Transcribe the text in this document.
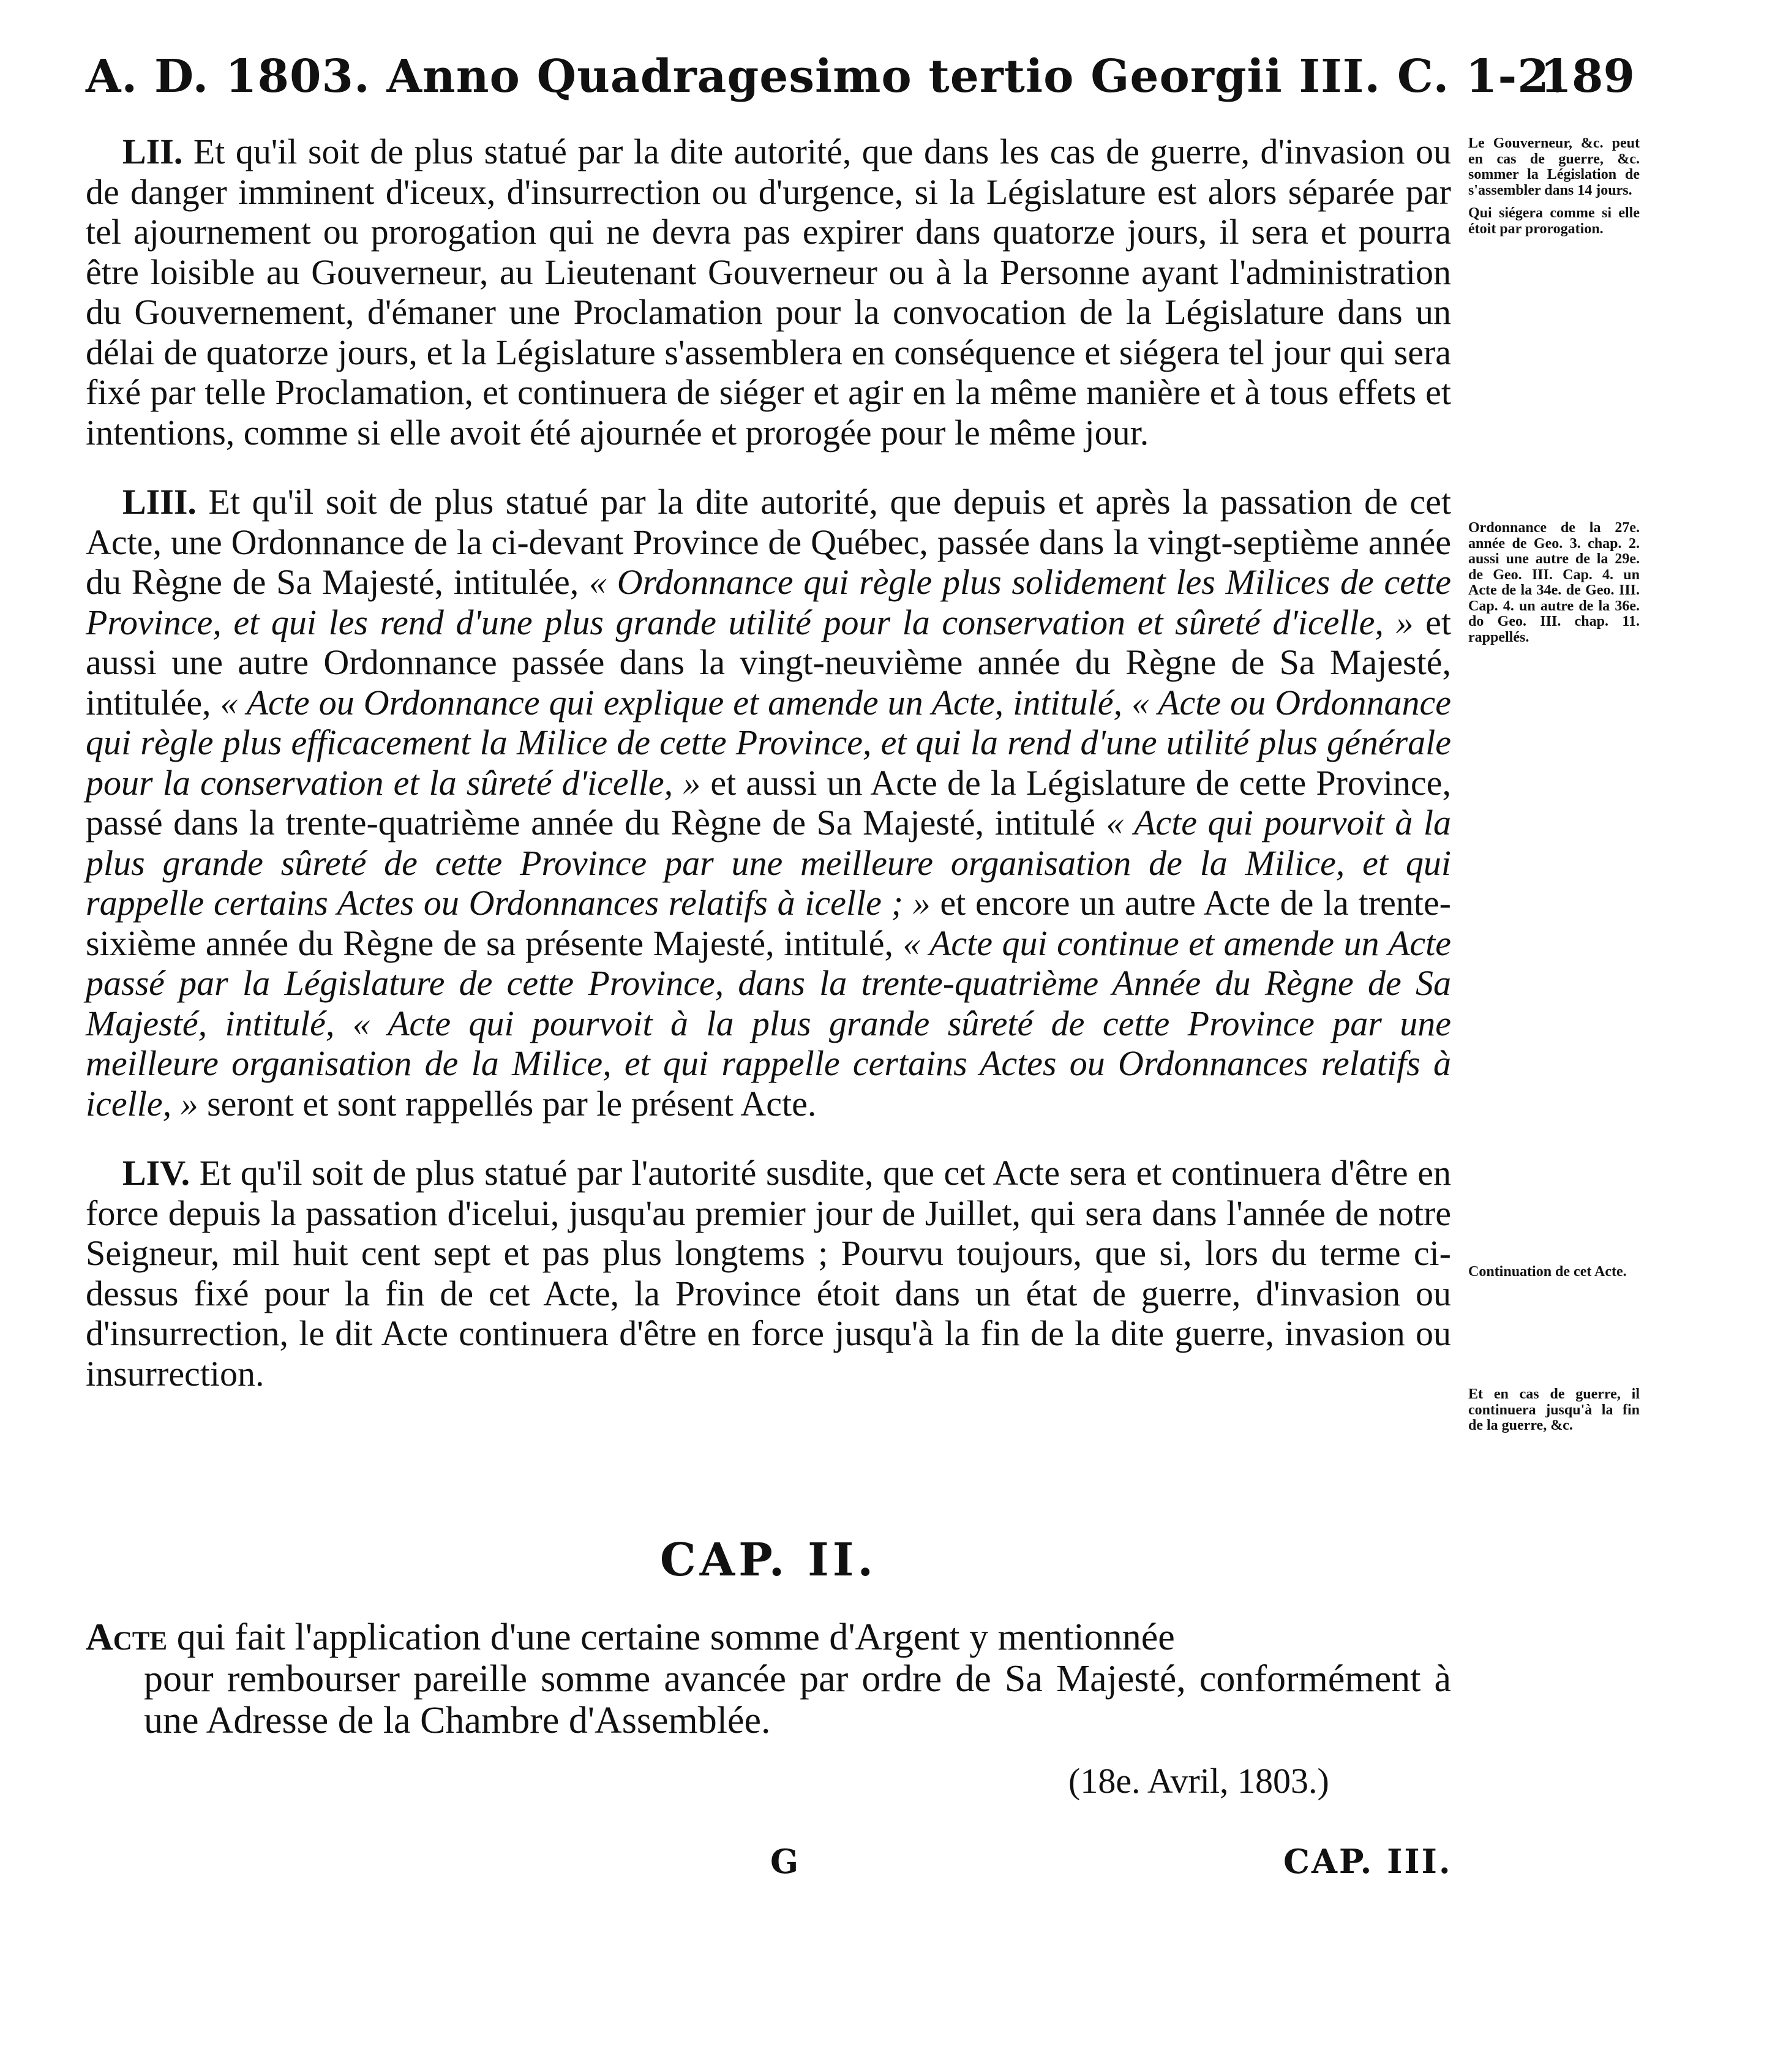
A. D. 1803. Anno Quadragesimo tertio Georgii III. C. 1-2.
189

LII. Et qu'il soit de plus statué par la dite autorité, que dans les cas de guerre, d'invasion ou de danger imminent d'iceux, d'insurrection ou d'urgence, si la Législature est alors séparée par tel ajournement ou prorogation qui ne devra pas expirer dans quatorze jours, il sera et pourra être loisible au Gouverneur, au Lieutenant Gouverneur ou à la Personne ayant l'administration du Gouvernement, d'émaner une Proclamation pour la convocation de la Législature dans un délai de quatorze jours, et la Législature s'assemblera en conséquence et siégera tel jour qui sera fixé par telle Proclamation, et continuera de siéger et agir en la même manière et à tous effets et intentions, comme si elle avoit été ajournée et prorogée pour le même jour.

LIII. Et qu'il soit de plus statué par la dite autorité, que depuis et après la passation de cet Acte, une Ordonnance de la ci-devant Province de Québec, passée dans la vingt-septième année du Règne de Sa Majesté, intitulée, « Ordonnance qui règle plus solidement les Milices de cette Province, et qui les rend d'une plus grande utilité pour la conservation et sûreté d'icelle, » et aussi une autre Ordonnance passée dans la vingt-neuvième année du Règne de Sa Majesté, intitulée, « Acte ou Ordonnance qui explique et amende un Acte, intitulé, « Acte ou Ordonnance qui règle plus efficacement la Milice de cette Province, et qui la rend d'une utilité plus générale pour la conservation et la sûreté d'icelle, » et aussi un Acte de la Législature de cette Province, passé dans la trente-quatrième année du Règne de Sa Majesté, intitulé « Acte qui pourvoit à la plus grande sûreté de cette Province par une meilleure organisation de la Milice, et qui rappelle certains Actes ou Ordonnances relatifs à icelle ; » et encore un autre Acte de la trente-sixième année du Règne de sa présente Majesté, intitulé, « Acte qui continue et amende un Acte passé par la Législature de cette Province, dans la trente-quatrième Année du Règne de Sa Majesté, intitulé, « Acte qui pourvoit à la plus grande sûreté de cette Province par une meilleure organisation de la Milice, et qui rappelle certains Actes ou Ordonnances relatifs à icelle, » seront et sont rappellés par le présent Acte.

LIV. Et qu'il soit de plus statué par l'autorité susdite, que cet Acte sera et continuera d'être en force depuis la passation d'icelui, jusqu'au premier jour de Juillet, qui sera dans l'année de notre Seigneur, mil huit cent sept et pas plus longtems ; Pourvu toujours, que si, lors du terme ci-dessus fixé pour la fin de cet Acte, la Province étoit dans un état de guerre, d'invasion ou d'insurrection, le dit Acte continuera d'être en force jusqu'à la fin de la dite guerre, invasion ou insurrection.

Le Gouverneur, &c. peut en cas de guerre, &c. sommer la Législation de s'assembler dans 14 jours.

Qui siégera comme si elle étoit par prorogation.

Ordonnance de la 27e. année de Geo. 3. chap. 2. aussi une autre de la 29e. de Geo. III. Cap. 4. un Acte de la 34e. de Geo. III. Cap. 4. un autre de la 36e. do Geo. III. chap. 11. rappellés.

Continuation de cet Acte.

Et en cas de guerre, il continuera jusqu'à la fin de la guerre, &c.

CAP. II.
Acte qui fait l'application d'une certaine somme d'Argent y mentionnée
pour rembourser pareille somme avancée par ordre de Sa Majesté, conformément à une Adresse de la Chambre d'Assemblée.
(18e. Avril, 1803.)
G	CAP. III.
